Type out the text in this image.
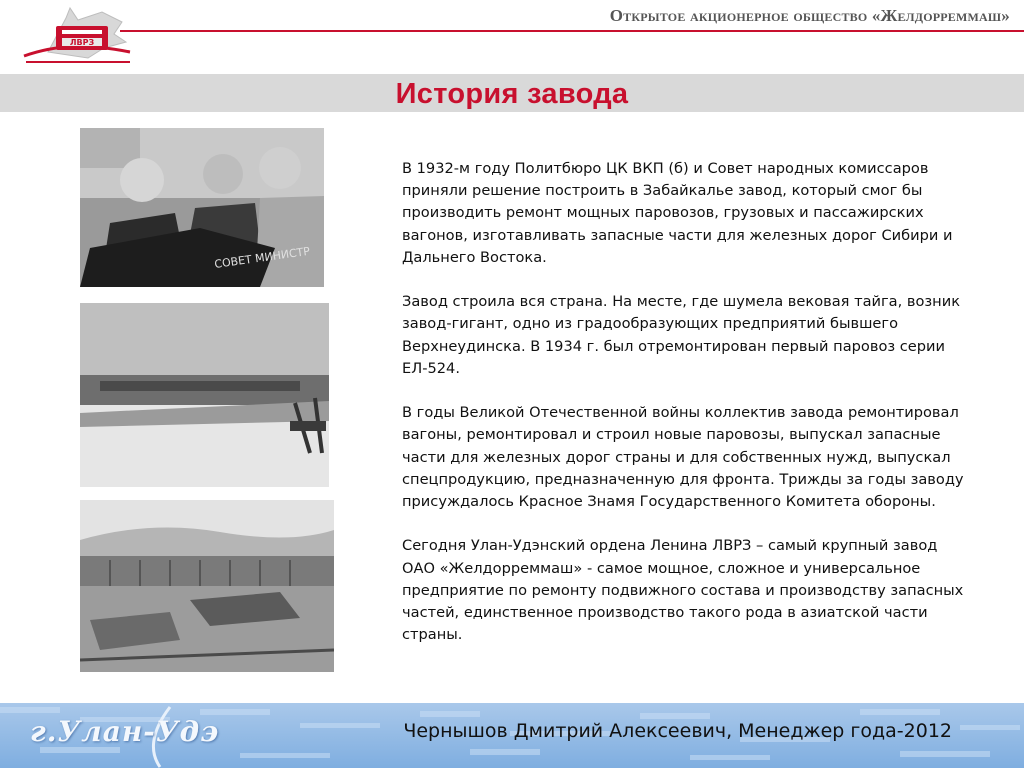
ЛВРЗ
Открытое акционерное общество «Желдорреммаш»
История завода
СОВЕТ МИНИСТР

В 1932-м году Политбюро ЦК ВКП (б) и Совет народных комиссаров приняли решение построить в Забайкалье завод, который смог бы производить ремонт мощных паровозов, грузовых и пассажирских вагонов, изготавливать запасные части для железных дорог Сибири и Дальнего Востока.

Завод строила вся страна. На месте, где шумела вековая тайга, возник завод-гигант, одно из градообразующих предприятий бывшего Верхнеудинска. В 1934 г. был отремонтирован первый паровоз серии ЕЛ-524.

В годы Великой Отечественной войны коллектив завода ремонтировал вагоны, ремонтировал и строил новые паровозы, выпускал запасные части для железных дорог страны и для собственных нужд, выпускал спецпродукцию, предназначенную для фронта. Трижды за годы заводу присуждалось Красное Знамя Государственного Комитета обороны.

Сегодня Улан-Удэнский ордена Ленина ЛВРЗ – самый крупный завод ОАО «Желдорреммаш» - самое мощное, сложное и универсальное предприятие по ремонту подвижного состава и производству запасных частей, единственное производство такого рода в азиатской части страны.

г.Улан-Удэ	Чернышов Дмитрий Алексеевич, Менеджер года-2012
